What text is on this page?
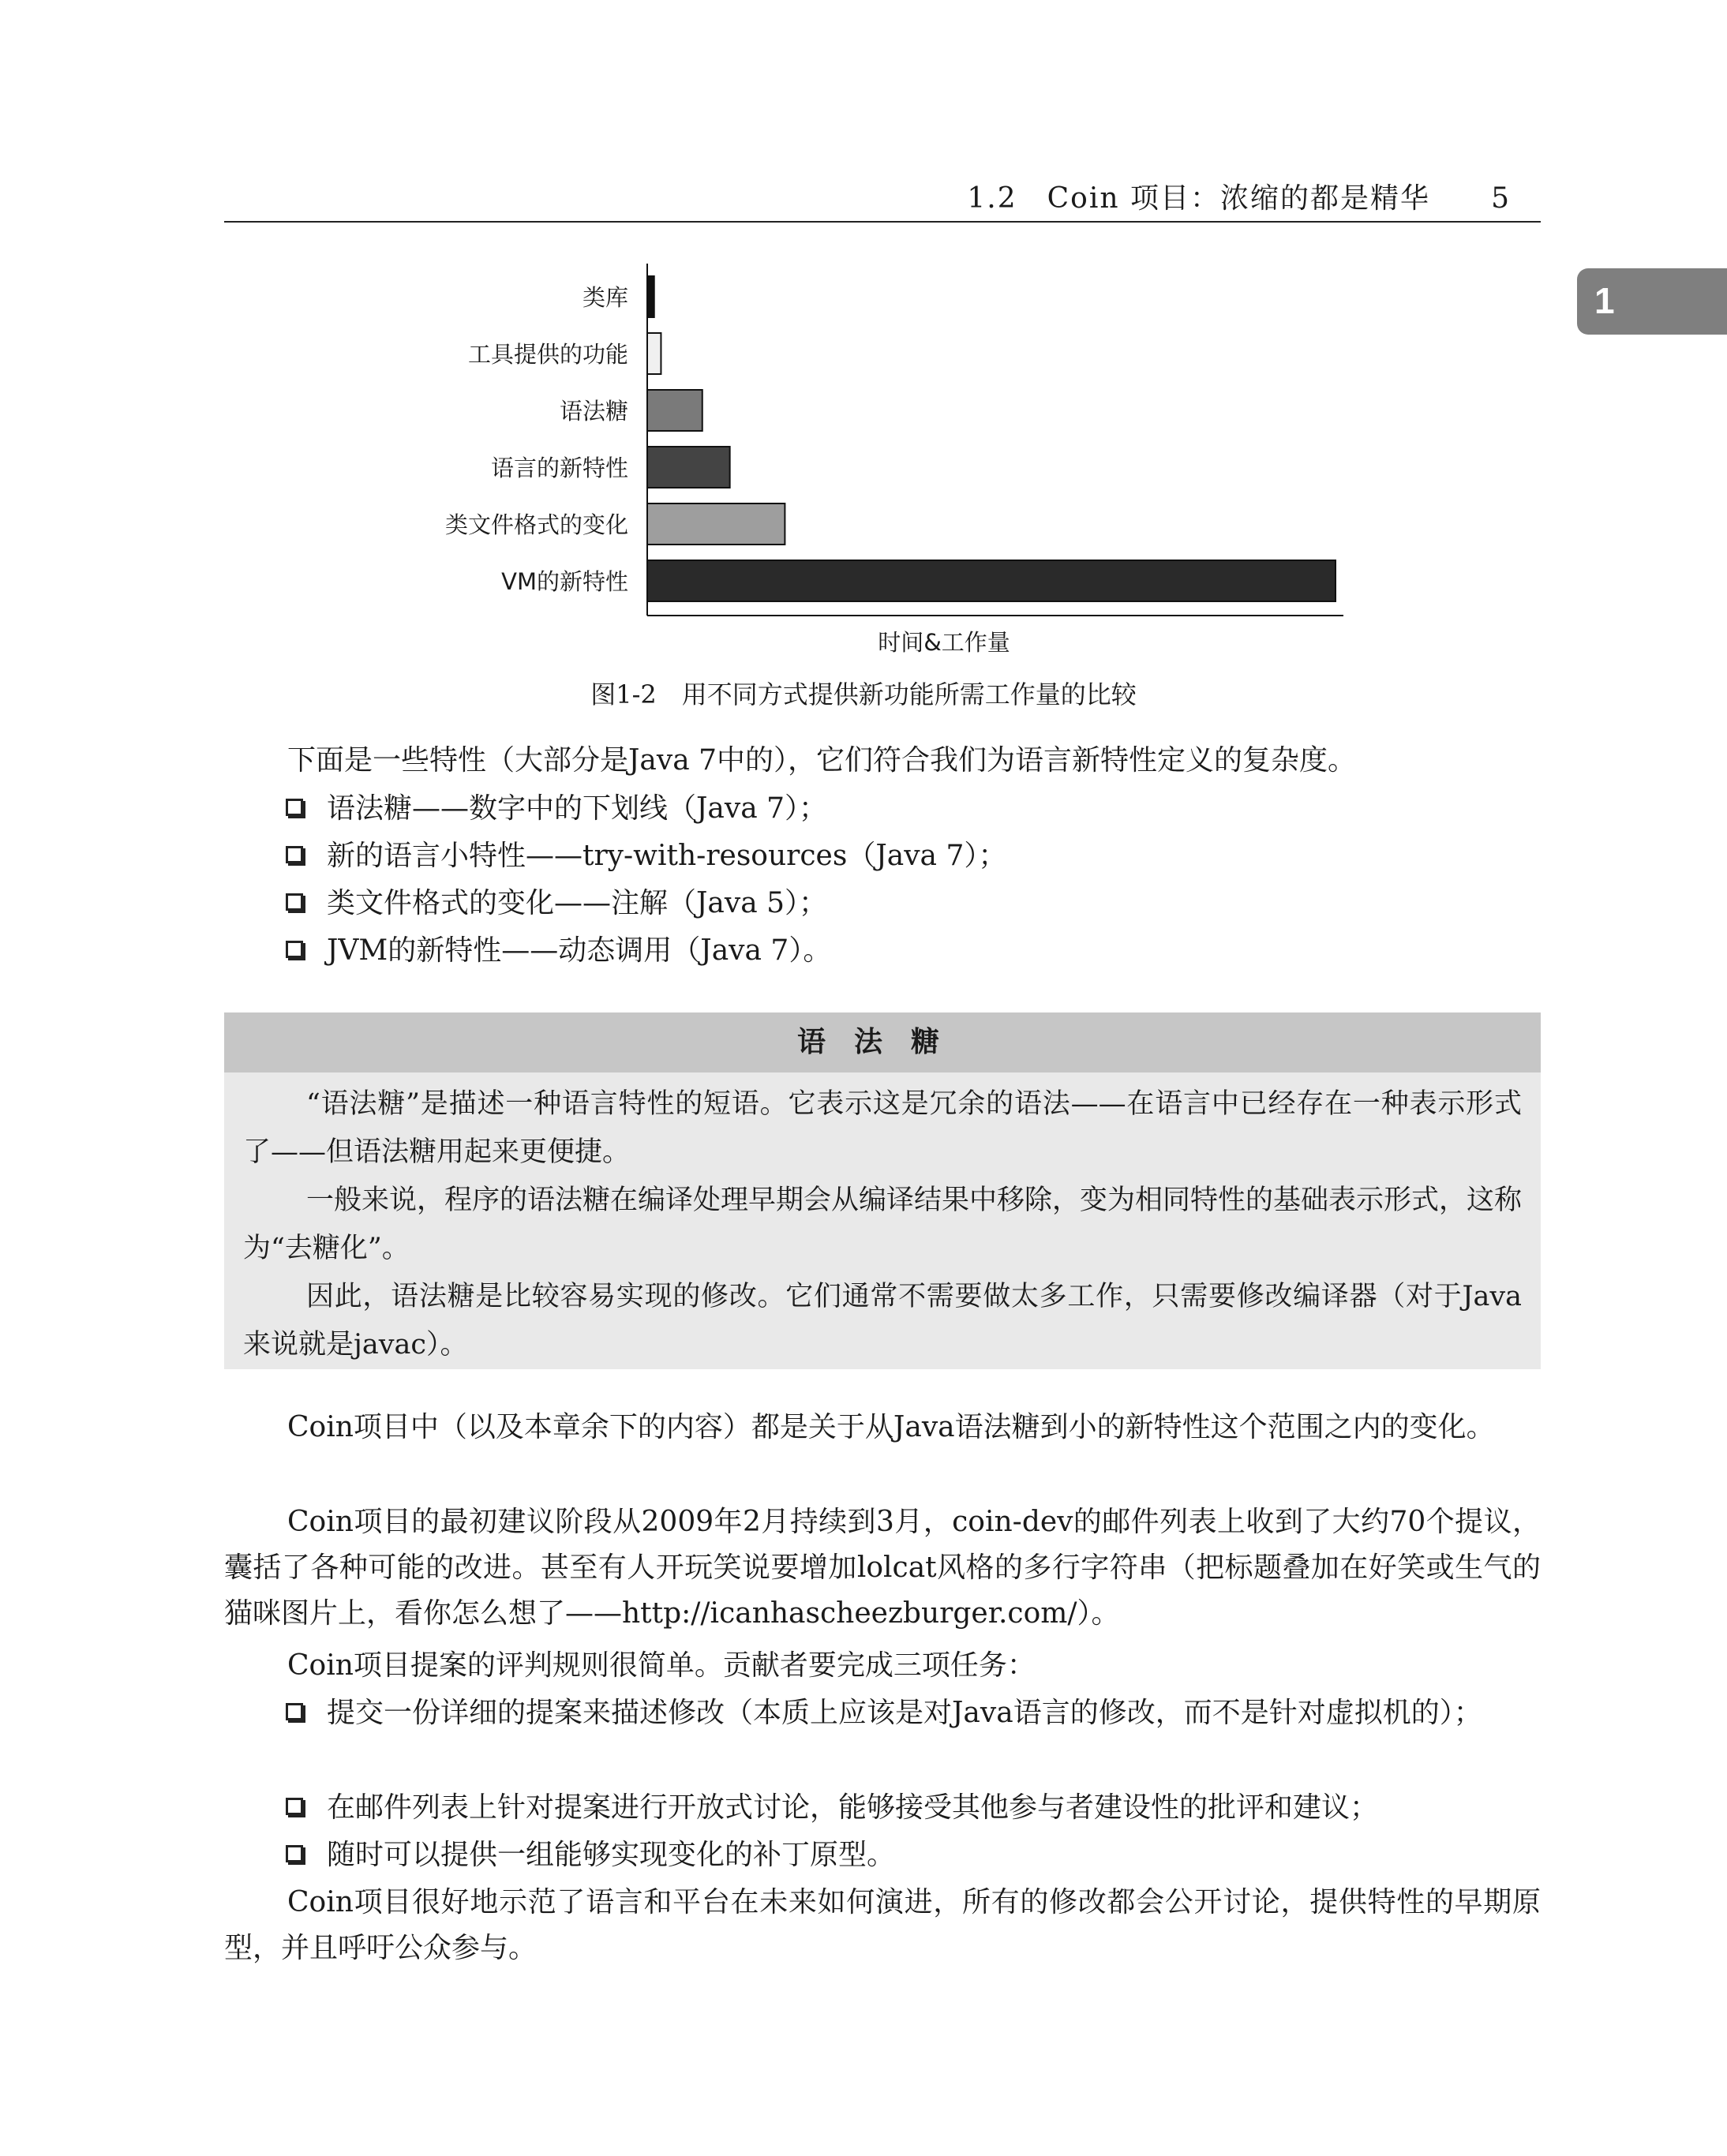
1.2　Coin 项目：浓缩的都是精华 5
1
类库
工具提供的功能
语法糖
语言的新特性
类文件格式的变化
VM的新特性
时间&工作量
图1-2　用不同方式提供新功能所需工作量的比较

下面是一些特性（大部分是Java 7中的），它们符合我们为语言新特性定义的复杂度。

语法糖——数字中的下划线（Java 7）；

新的语言小特性——try-with-resources（Java 7）；

类文件格式的变化——注解（Java 5）；

JVM的新特性——动态调用（Java 7）。

语法糖

“语法糖”是描述一种语言特性的短语。它表示这是冗余的语法——在语言中已经存在一种表示形式了——但语法糖用起来更便捷。

一般来说，程序的语法糖在编译处理早期会从编译结果中移除，变为相同特性的基础表示形式，这称为“去糖化”。

因此，语法糖是比较容易实现的修改。它们通常不需要做太多工作，只需要修改编译器（对于Java来说就是javac）。

Coin项目中（以及本章余下的内容）都是关于从Java语法糖到小的新特性这个范围之内的变化。

Coin项目的最初建议阶段从2009年2月持续到3月，coin-dev的邮件列表上收到了大约70个提议，囊括了各种可能的改进。甚至有人开玩笑说要增加lolcat风格的多行字符串（把标题叠加在好笑或生气的猫咪图片上，看你怎么想了——http://icanhascheezburger.com/）。

Coin项目提案的评判规则很简单。贡献者要完成三项任务：

提交一份详细的提案来描述修改（本质上应该是对Java语言的修改，而不是针对虚拟机的）；

在邮件列表上针对提案进行开放式讨论，能够接受其他参与者建设性的批评和建议；

随时可以提供一组能够实现变化的补丁原型。

Coin项目很好地示范了语言和平台在未来如何演进，所有的修改都会公开讨论，提供特性的早期原型，并且呼吁公众参与。
